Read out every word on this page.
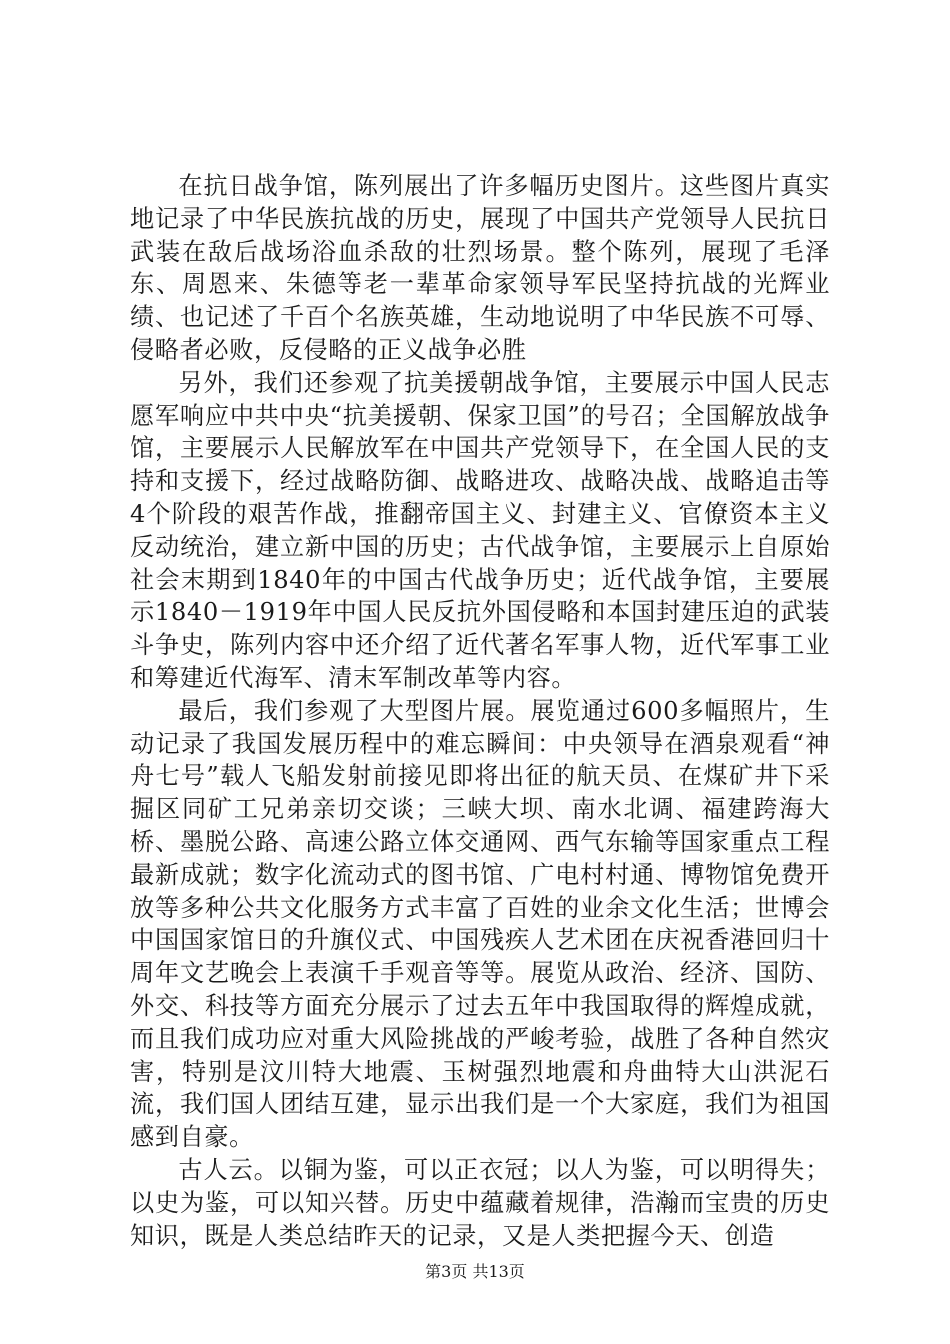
在抗日战争馆，陈列展出了许多幅历史图片。这些图片真实地记录了中华民族抗战的历史，展现了中国共产党领导人民抗日武装在敌后战场浴血杀敌的壮烈场景。整个陈列，展现了毛泽东、周恩来、朱德等老一辈革命家领导军民坚持抗战的光辉业绩、也记述了千百个名族英雄，生动地说明了中华民族不可辱、侵略者必败，反侵略的正义战争必胜

另外，我们还参观了抗美援朝战争馆，主要展示中国人民志愿军响应中共中央“抗美援朝、保家卫国”的号召；全国解放战争馆，主要展示人民解放军在中国共产党领导下，在全国人民的支持和支援下，经过战略防御、战略进攻、战略决战、战略追击等4个阶段的艰苦作战，推翻帝国主义、封建主义、官僚资本主义反动统治，建立新中国的历史；古代战争馆，主要展示上自原始社会末期到1840年的中国古代战争历史；近代战争馆，主要展示1840－1919年中国人民反抗外国侵略和本国封建压迫的武装斗争史，陈列内容中还介绍了近代著名军事人物，近代军事工业和筹建近代海军、清末军制改革等内容。

最后，我们参观了大型图片展。展览通过600多幅照片，生动记录了我国发展历程中的难忘瞬间：中央领导在酒泉观看“神舟七号”载人飞船发射前接见即将出征的航天员、在煤矿井下采掘区同矿工兄弟亲切交谈；三峡大坝、南水北调、福建跨海大桥、墨脱公路、高速公路立体交通网、西气东输等国家重点工程最新成就；数字化流动式的图书馆、广电村村通、博物馆免费开放等多种公共文化服务方式丰富了百姓的业余文化生活；世博会中国国家馆日的升旗仪式、中国残疾人艺术团在庆祝香港回归十周年文艺晚会上表演千手观音等等。展览从政治、经济、国防、外交、科技等方面充分展示了过去五年中我国取得的辉煌成就，而且我们成功应对重大风险挑战的严峻考验，战胜了各种自然灾害，特别是汶川特大地震、玉树强烈地震和舟曲特大山洪泥石流，我们国人团结互建，显示出我们是一个大家庭，我们为祖国感到自豪。

古人云。以铜为鉴，可以正衣冠；以人为鉴，可以明得失；以史为鉴，可以知兴替。历史中蕴藏着规律，浩瀚而宝贵的历史知识，既是人类总结昨天的记录，又是人类把握今天、创造

第3页 共13页
